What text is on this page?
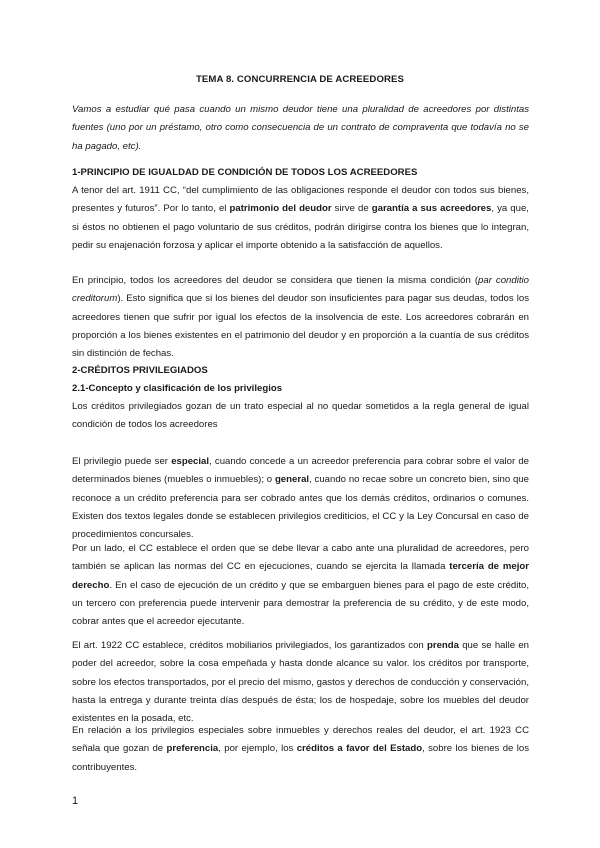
TEMA 8. CONCURRENCIA DE ACREEDORES

Vamos a estudiar qué pasa cuando un mismo deudor tiene una pluralidad de acreedores por distintas fuentes (uno por un préstamo, otro como consecuencia de un contrato de compraventa que todavía no se ha pagado, etc).

1-PRINCIPIO DE IGUALDAD DE CONDICIÓN DE TODOS LOS ACREEDORES

A tenor del art. 1911 CC, “del cumplimiento de las obligaciones responde el deudor con todos sus bienes, presentes y futuros”. Por lo tanto, el patrimonio del deudor sirve de garantía a sus acreedores, ya que, si éstos no obtienen el pago voluntario de sus créditos, podrán dirigirse contra los bienes que lo integran, pedir su enajenación forzosa y aplicar el importe obtenido a la satisfacción de aquellos.

En principio, todos los acreedores del deudor se considera que tienen la misma condición (par conditio creditorum). Esto significa que si los bienes del deudor son insuficientes para pagar sus deudas, todos los acreedores tienen que sufrir por igual los efectos de la insolvencia de este. Los acreedores cobrarán en proporción a los bienes existentes en el patrimonio del deudor y en proporción a la cuantía de sus créditos sin distinción de fechas.

2-CRÉDITOS PRIVILEGIADOS
2.1-Concepto y clasificación de los privilegios

Los créditos privilegiados gozan de un trato especial al no quedar sometidos a la regla general de igual condición de todos los acreedores

El privilegio puede ser especial, cuando concede a un acreedor preferencia para cobrar sobre el valor de determinados bienes (muebles o inmuebles); o general, cuando no recae sobre un concreto bien, sino que reconoce a un crédito preferencia para ser cobrado antes que los demás créditos, ordinarios o comunes. Existen dos textos legales donde se establecen privilegios crediticios, el CC y la Ley Concursal en caso de procedimientos concursales.

Por un lado, el CC establece el orden que se debe llevar a cabo ante una pluralidad de acreedores, pero también se aplican las normas del CC en ejecuciones, cuando se ejercita la llamada tercería de mejor derecho. En el caso de ejecución de un crédito y que se embarguen bienes para el pago de este crédito, un tercero con preferencia puede intervenir para demostrar la preferencia de su crédito, y de este modo, cobrar antes que el acreedor ejecutante.

El art. 1922 CC establece, créditos mobiliarios privilegiados, los garantizados con prenda que se halle en poder del acreedor, sobre la cosa empeñada y hasta donde alcance su valor. los créditos por transporte, sobre los efectos transportados, por el precio del mismo, gastos y derechos de conducción y conservación, hasta la entrega y durante treinta días después de ésta; los de hospedaje, sobre los muebles del deudor existentes en la posada, etc.

En relación a los privilegios especiales sobre inmuebles y derechos reales del deudor, el art. 1923 CC señala que gozan de preferencia, por ejemplo, los créditos a favor del Estado, sobre los bienes de los contribuyentes.

1
